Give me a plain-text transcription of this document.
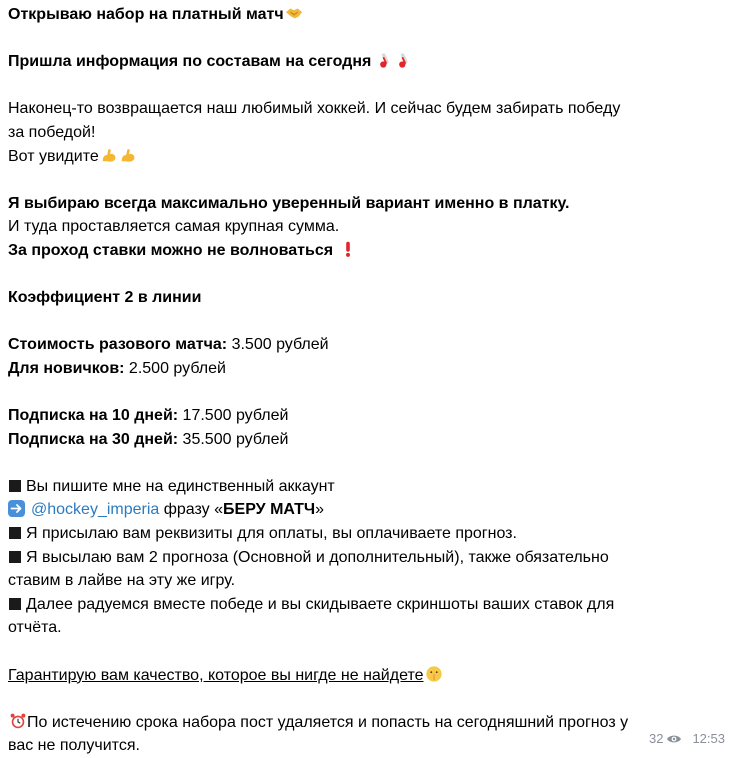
Открываю набор на платный матч
Пришла информация по составам на сегодня
Наконец-то возвращается наш любимый хоккей. И сейчас будем забирать победу
за победой!
Вот увидите
Я выбираю всегда максимально уверенный вариант именно в платку.
И туда проставляется самая крупная сумма.
За проход ставки можно не волноваться
Коэффициент 2 в линии
Стоимость разового матча: 3.500 рублей
Для новичков: 2.500 рублей
Подписка на 10 дней: 17.500 рублей
Подписка на 30 дней: 35.500 рублей
Вы пишите мне на единственный аккаунт
@hockey_imperia фразу «БЕРУ МАТЧ»
Я присылаю вам реквизиты для оплаты, вы оплачиваете прогноз.
Я высылаю вам 2 прогноза (Основной и дополнительный), также обязательно
ставим в лайве на эту же игру.
Далее радуемся вместе победе и вы скидываете скриншоты ваших ставок для
отчёта.
Гарантирую вам качество, которое вы нигде не найдете
По истечению срока набора пост удаляется и попасть на сегодняшний прогноз у
вас не получится.	32 12:53
